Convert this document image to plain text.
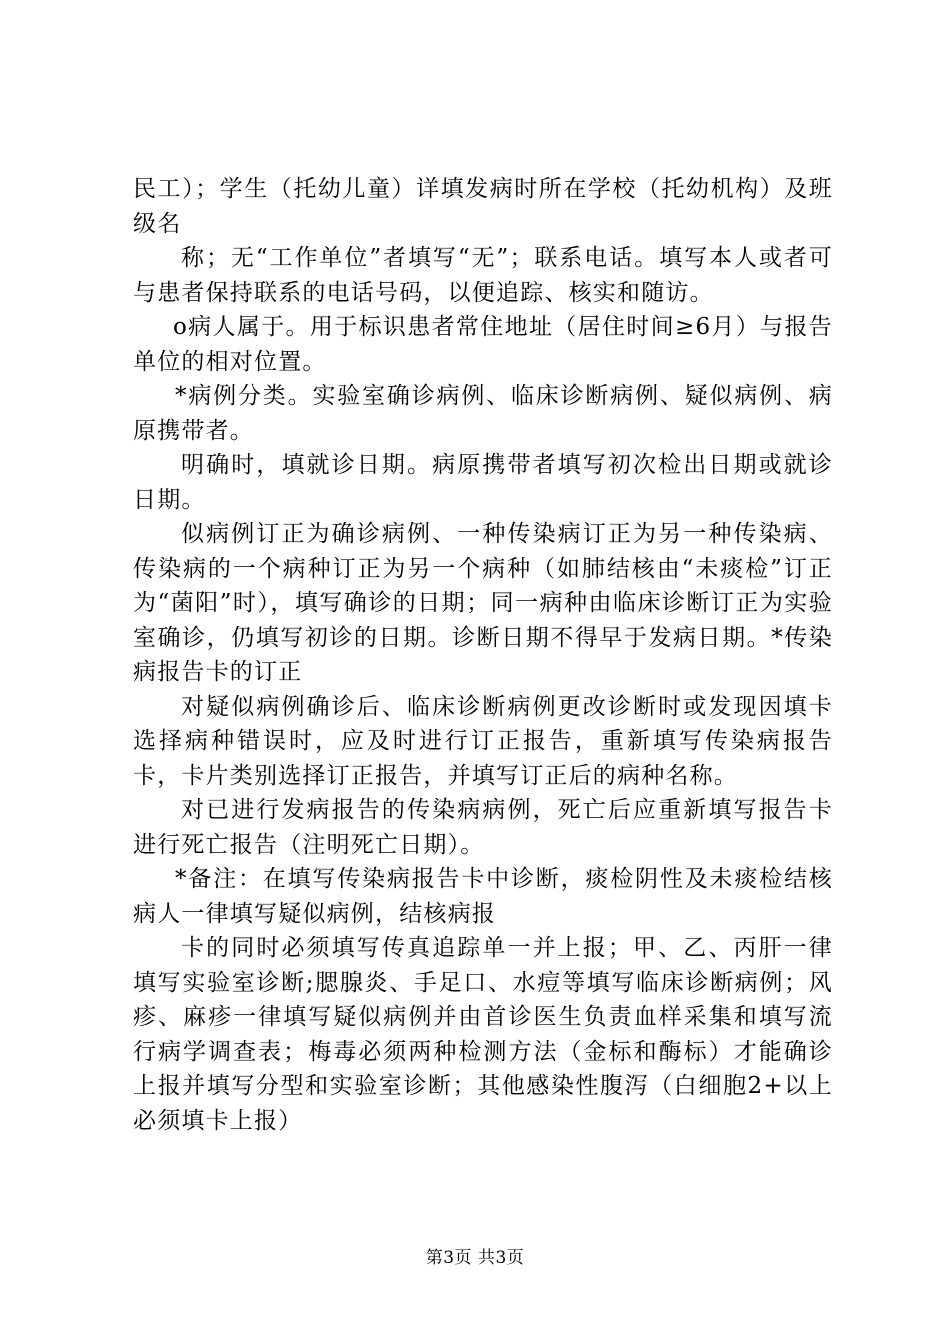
民工）；学生（托幼儿童）详填发病时所在学校（托幼机构）及班级名

称；无“工作单位”者填写“无”；联系电话。填写本人或者可与患者保持联系的电话号码，以便追踪、核实和随访。

o病人属于。用于标识患者常住地址（居住时间≥6月）与报告单位的相对位置。

*病例分类。实验室确诊病例、临床诊断病例、疑似病例、病原携带者。

明确时，填就诊日期。病原携带者填写初次检出日期或就诊日期。

似病例订正为确诊病例、一种传染病订正为另一种传染病、传染病的一个病种订正为另一个病种（如肺结核由“未痰检”订正为“菌阳”时），填写确诊的日期；同一病种由临床诊断订正为实验室确诊，仍填写初诊的日期。诊断日期不得早于发病日期。*传染病报告卡的订正

对疑似病例确诊后、临床诊断病例更改诊断时或发现因填卡选择病种错误时，应及时进行订正报告，重新填写传染病报告卡，卡片类别选择订正报告，并填写订正后的病种名称。

对已进行发病报告的传染病病例，死亡后应重新填写报告卡进行死亡报告（注明死亡日期）。

*备注：在填写传染病报告卡中诊断，痰检阴性及未痰检结核病人一律填写疑似病例，结核病报

卡的同时必须填写传真追踪单一并上报；甲、乙、丙肝一律填写实验室诊断;腮腺炎、手足口、水痘等填写临床诊断病例；风疹、麻疹一律填写疑似病例并由首诊医生负责血样采集和填写流行病学调查表；梅毒必须两种检测方法（金标和酶标）才能确诊上报并填写分型和实验室诊断；其他感染性腹泻（白细胞2+以上必须填卡上报）

第3页 共3页
